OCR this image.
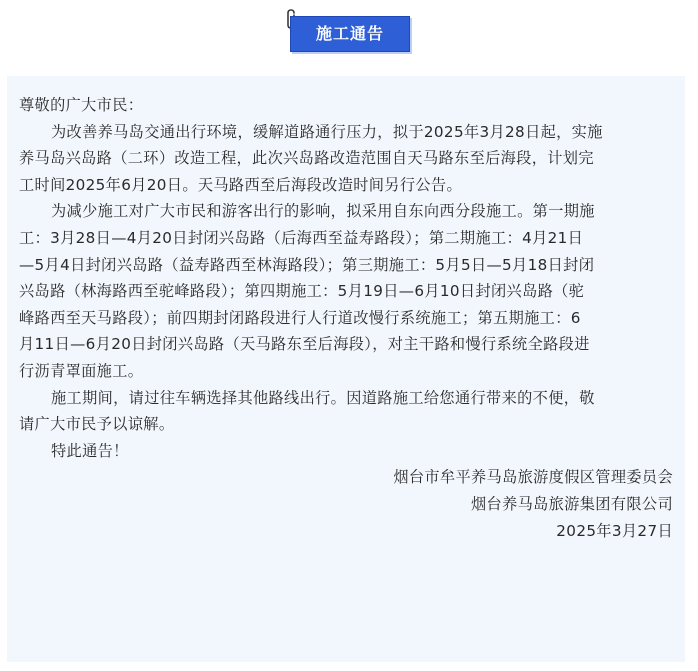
施工通告
尊敬的广大市民：
为改善养马岛交通出行环境，缓解道路通行压力，拟于2025年3月28日起，实施
养马岛兴岛路（二环）改造工程，此次兴岛路改造范围自天马路东至后海段，计划完
工时间2025年6月20日。天马路西至后海段改造时间另行公告。
为减少施工对广大市民和游客出行的影响，拟采用自东向西分段施工。第一期施
工：3月28日—4月20日封闭兴岛路（后海西至益寿路段）；第二期施工：4月21日
—5月4日封闭兴岛路（益寿路西至林海路段）；第三期施工：5月5日—5月18日封闭
兴岛路（林海路西至驼峰路段）；第四期施工：5月19日—6月10日封闭兴岛路（驼
峰路西至天马路段）；前四期封闭路段进行人行道改慢行系统施工；第五期施工：6
月11日—6月20日封闭兴岛路（天马路东至后海段），对主干路和慢行系统全路段进
行沥青罩面施工。
施工期间，请过往车辆选择其他路线出行。因道路施工给您通行带来的不便，敬
请广大市民予以谅解。
特此通告！
烟台市牟平养马岛旅游度假区管理委员会
烟台养马岛旅游集团有限公司
2025年3月27日
